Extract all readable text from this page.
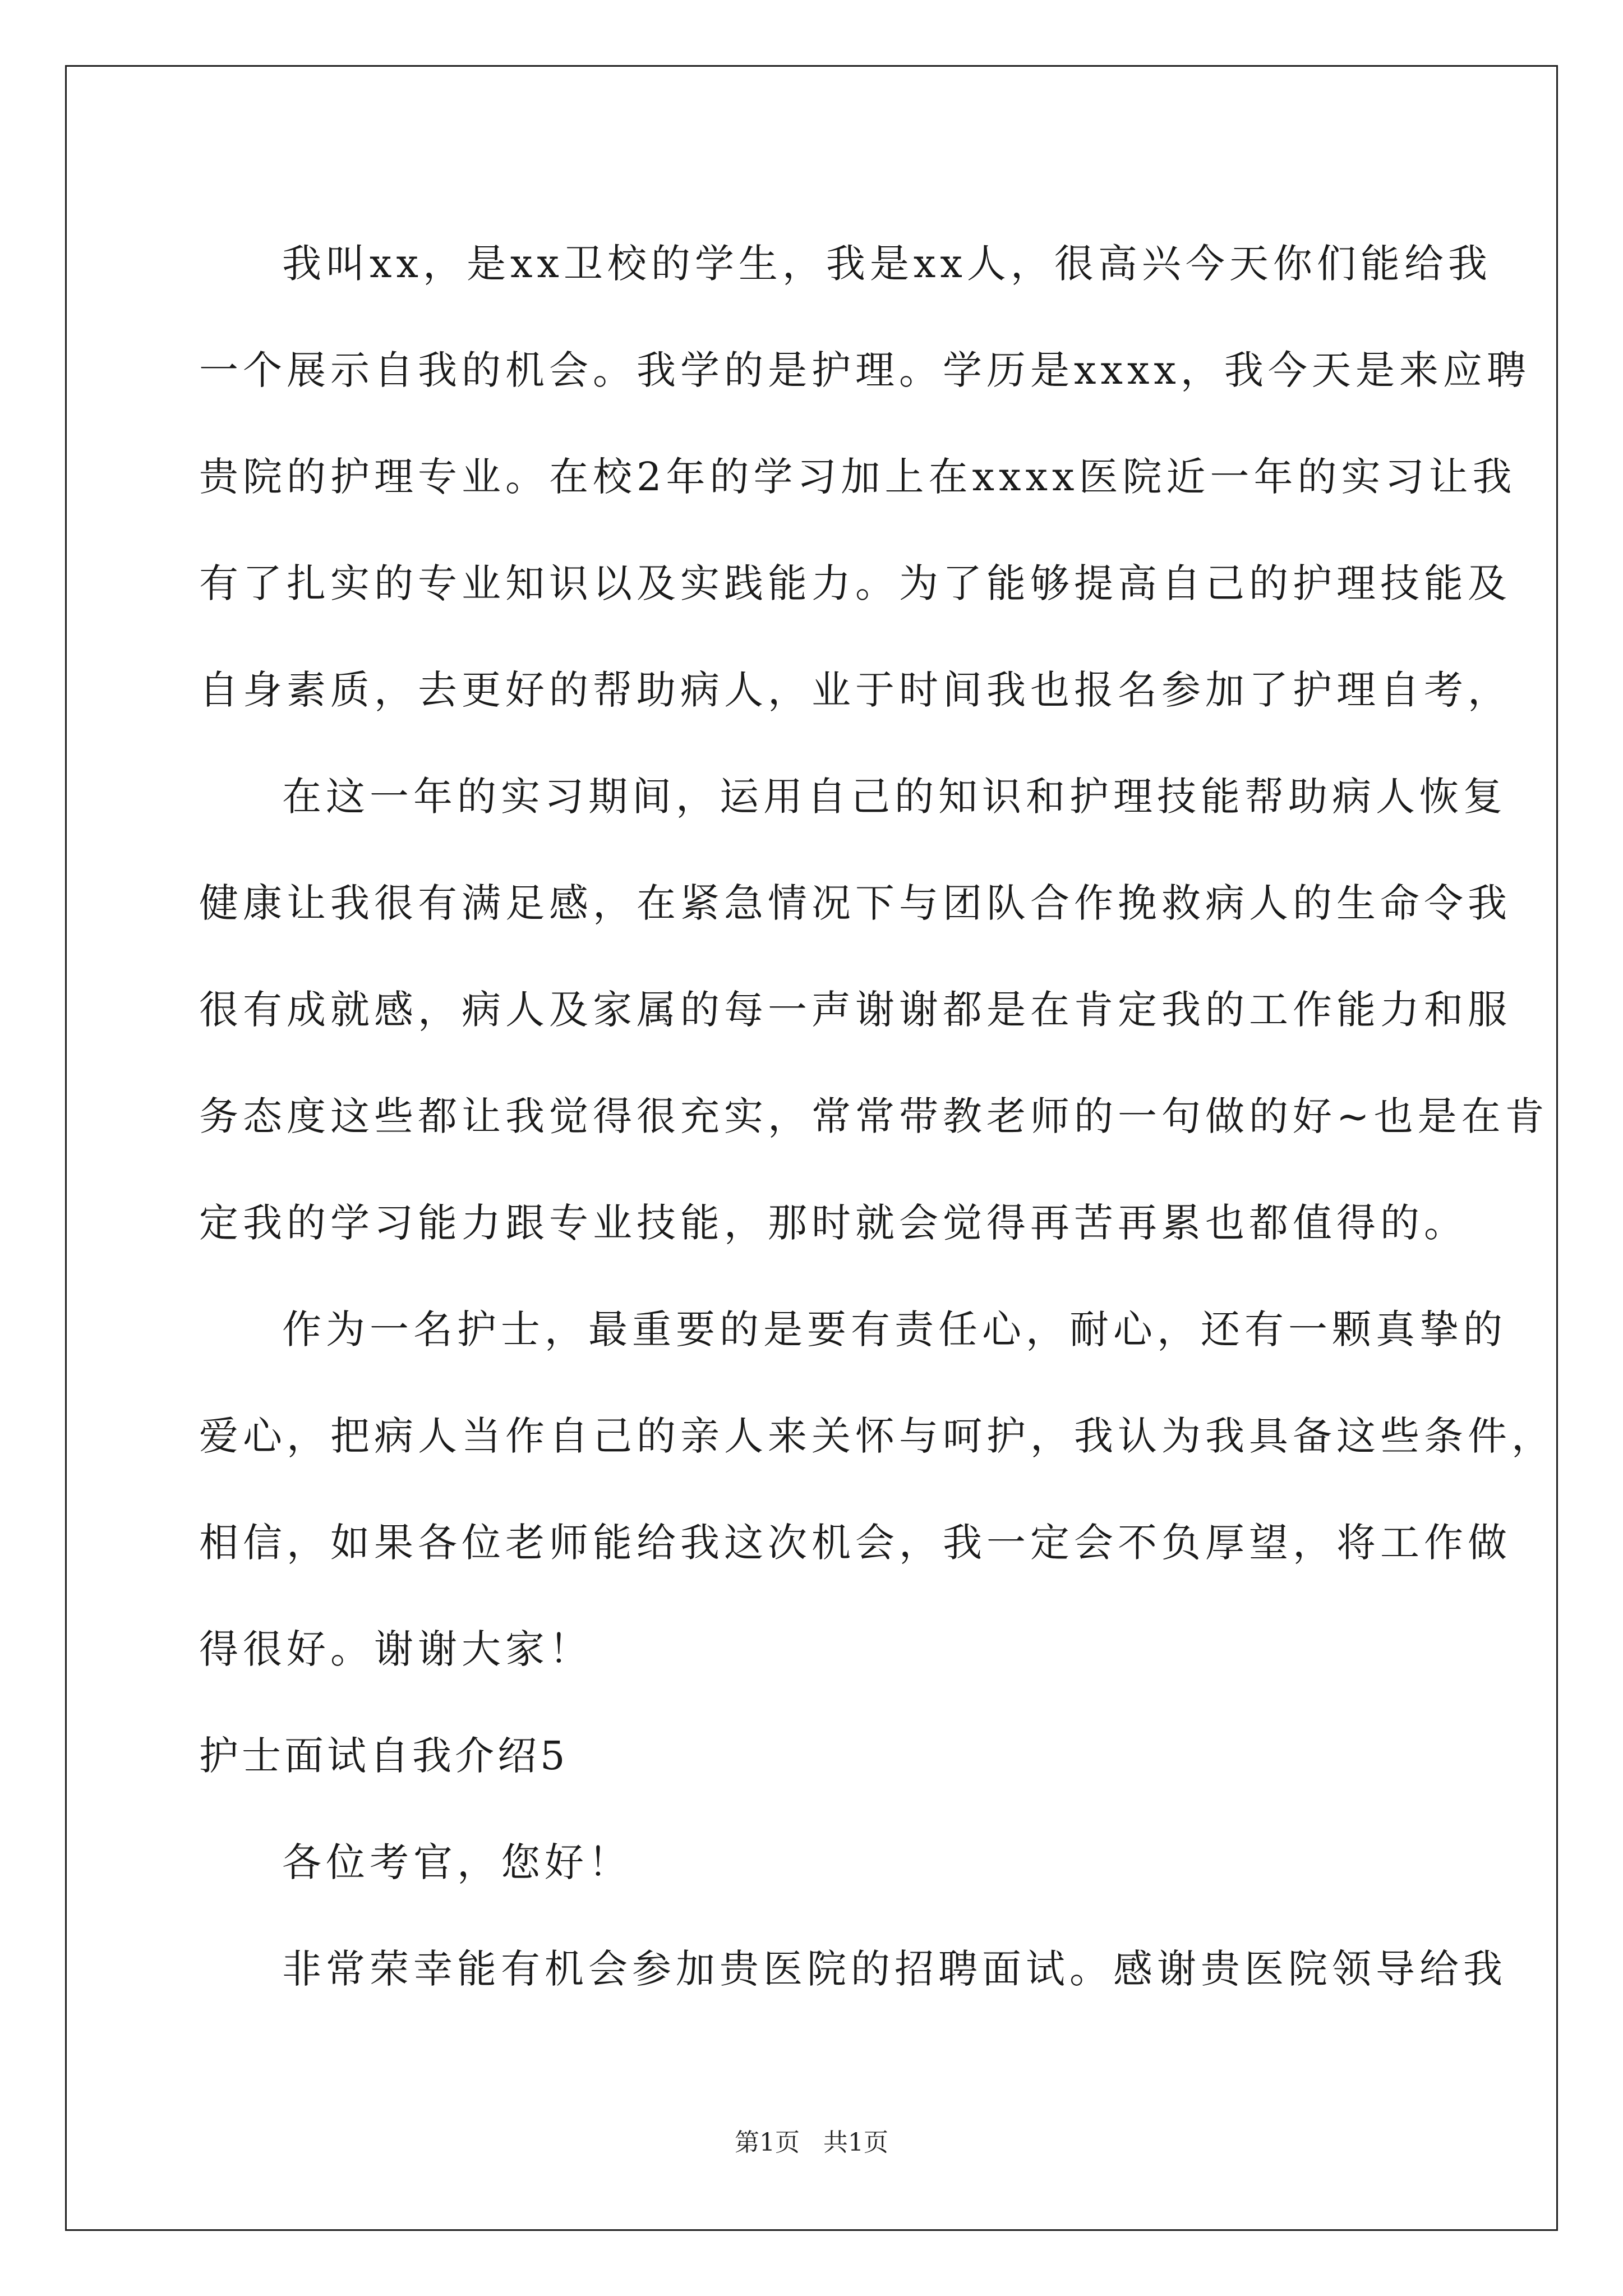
我叫xx，是xx卫校的学生，我是xx人，很高兴今天你们能给我
一个展示自我的机会。我学的是护理。学历是xxxx，我今天是来应聘
贵院的护理专业。在校2年的学习加上在xxxx医院近一年的实习让我
有了扎实的专业知识以及实践能力。为了能够提高自己的护理技能及
自身素质，去更好的帮助病人，业于时间我也报名参加了护理自考，
在这一年的实习期间，运用自己的知识和护理技能帮助病人恢复
健康让我很有满足感，在紧急情况下与团队合作挽救病人的生命令我
很有成就感，病人及家属的每一声谢谢都是在肯定我的工作能力和服
务态度这些都让我觉得很充实，常常带教老师的一句做的好~也是在肯
定我的学习能力跟专业技能，那时就会觉得再苦再累也都值得的。
作为一名护士，最重要的是要有责任心，耐心，还有一颗真挚的
爱心，把病人当作自己的亲人来关怀与呵护，我认为我具备这些条件，
相信，如果各位老师能给我这次机会，我一定会不负厚望，将工作做
得很好。谢谢大家！
护士面试自我介绍5
各位考官，您好！
非常荣幸能有机会参加贵医院的招聘面试。感谢贵医院领导给我
第1页   共1页
